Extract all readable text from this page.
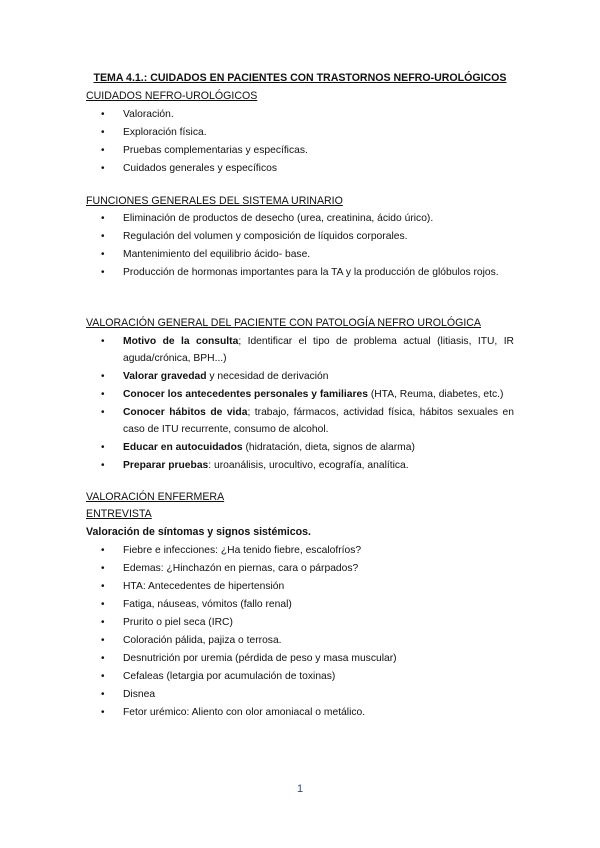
TEMA 4.1.: CUIDADOS EN PACIENTES CON TRASTORNOS NEFRO-UROLÓGICOS
CUIDADOS NEFRO-UROLÓGICOS
• Valoración.
• Exploración física.
• Pruebas complementarias y específicas.
• Cuidados generales y específicos
FUNCIONES GENERALES DEL SISTEMA URINARIO
• Eliminación de productos de desecho (urea, creatinina, ácido úrico).
• Regulación del volumen y composición de líquidos corporales.
• Mantenimiento del equilibrio ácido- base.
• Producción de hormonas importantes para la TA y la producción de glóbulos rojos.
VALORACIÓN GENERAL DEL PACIENTE CON PATOLOGÍA NEFRO UROLÓGICA
• Motivo de la consulta; Identificar el tipo de problema actual (litiasis, ITU, IR aguda/crónica, BPH...)
• Valorar gravedad y necesidad de derivación
• Conocer los antecedentes personales y familiares (HTA, Reuma, diabetes, etc.)
• Conocer hábitos de vida; trabajo, fármacos, actividad física, hábitos sexuales en caso de ITU recurrente, consumo de alcohol.
• Educar en autocuidados (hidratación, dieta, signos de alarma)
• Preparar pruebas: uroanálisis, urocultivo, ecografía, analítica.
VALORACIÓN ENFERMERA
ENTREVISTA
Valoración de síntomas y signos sistémicos.
• Fiebre e infecciones: ¿Ha tenido fiebre, escalofríos?
• Edemas: ¿Hinchazón en piernas, cara o párpados?
• HTA: Antecedentes de hipertensión
• Fatiga, náuseas, vómitos (fallo renal)
• Prurito o piel seca (IRC)
• Coloración pálida, pajiza o terrosa.
• Desnutrición por uremia (pérdida de peso y masa muscular)
• Cefaleas (letargia por acumulación de toxinas)
• Disnea
• Fetor urémico: Aliento con olor amoniacal o metálico.
1
